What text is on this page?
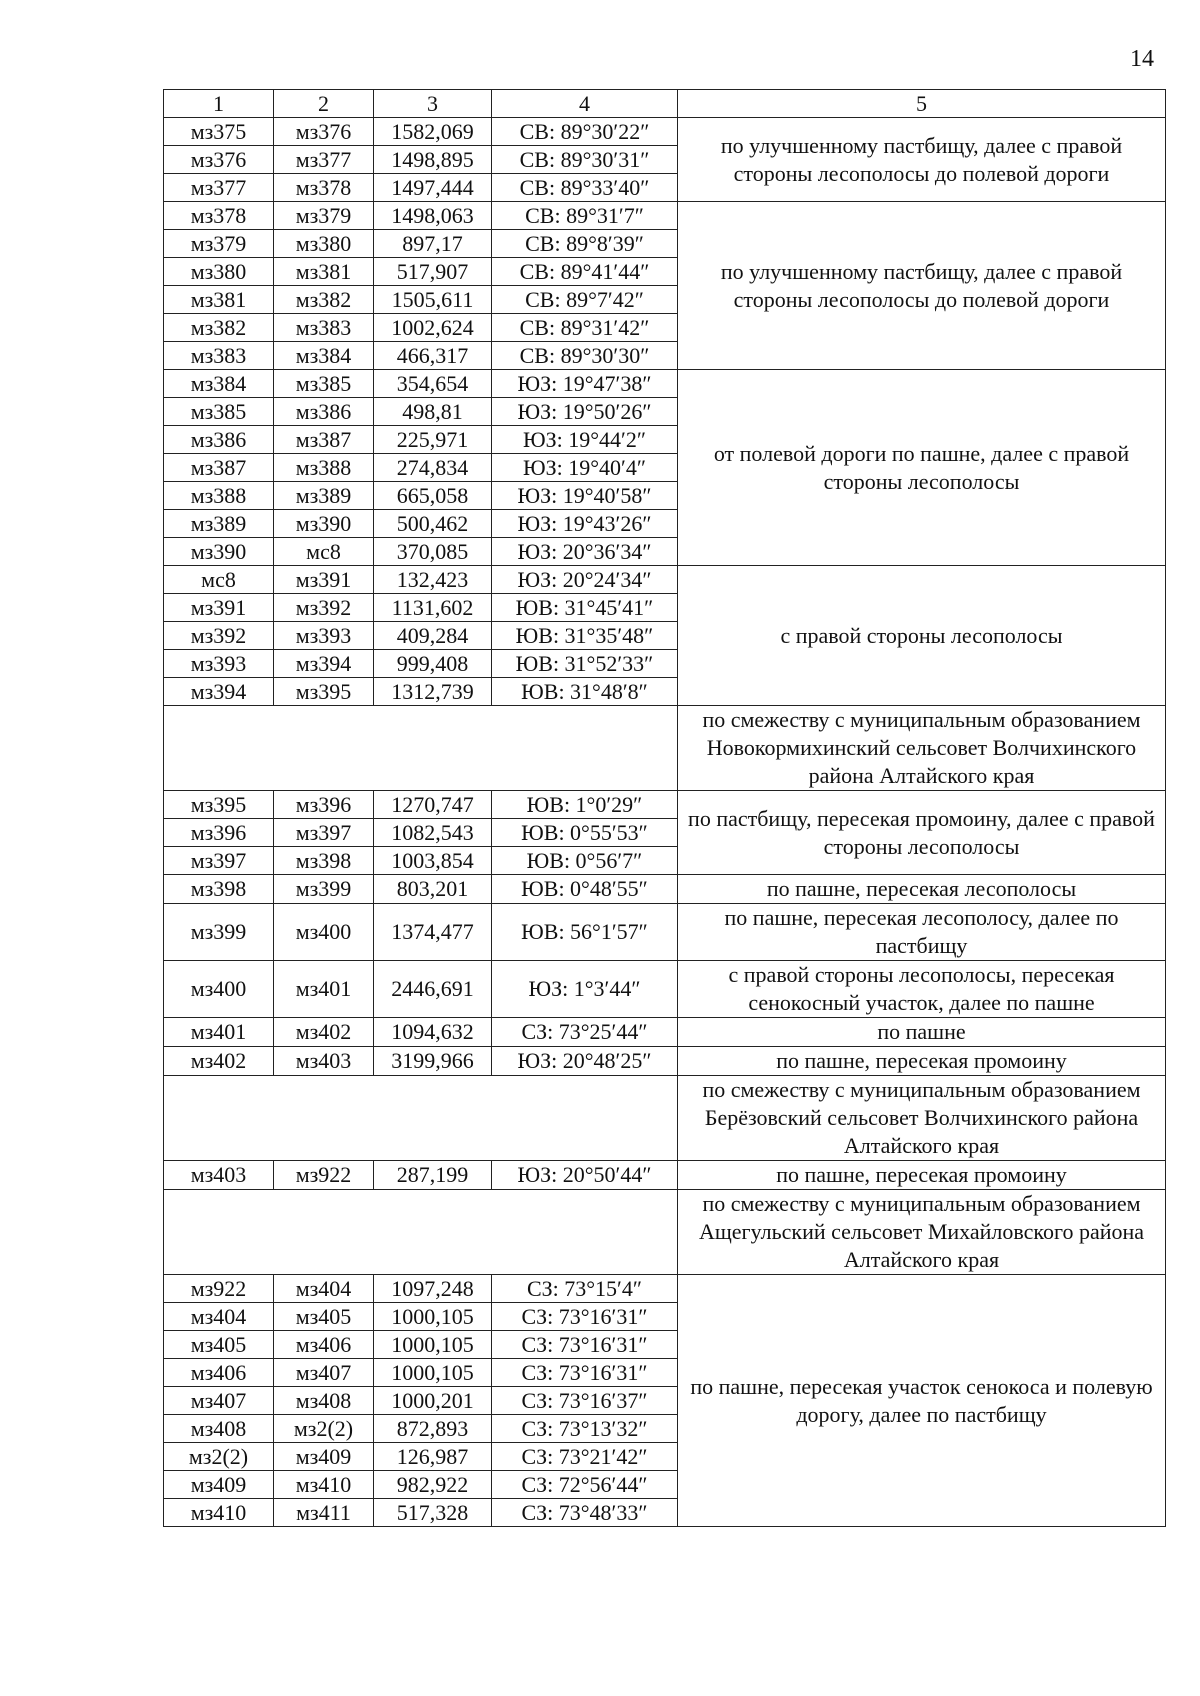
14
1	2	3	4	5
мз375	мз376	1582,069	СВ: 89°30′22″	по улучшенному пастбищу, далее с правой стороны лесополосы до полевой дороги
мз376	мз377	1498,895	СВ: 89°30′31″	
мз377	мз378	1497,444	СВ: 89°33′40″	
мз378	мз379	1498,063	СВ: 89°31′7″	по улучшенному пастбищу, далее с правой стороны лесополосы до полевой дороги
мз379	мз380	897,17	СВ: 89°8′39″	
мз380	мз381	517,907	СВ: 89°41′44″	
мз381	мз382	1505,611	СВ: 89°7′42″	
мз382	мз383	1002,624	СВ: 89°31′42″	
мз383	мз384	466,317	СВ: 89°30′30″	
мз384	мз385	354,654	ЮЗ: 19°47′38″	от полевой дороги по пашне, далее с правой стороны лесополосы
мз385	мз386	498,81	ЮЗ: 19°50′26″	
мз386	мз387	225,971	ЮЗ: 19°44′2″	
мз387	мз388	274,834	ЮЗ: 19°40′4″	
мз388	мз389	665,058	ЮЗ: 19°40′58″	
мз389	мз390	500,462	ЮЗ: 19°43′26″	
мз390	мс8	370,085	ЮЗ: 20°36′34″	
мс8	мз391	132,423	ЮЗ: 20°24′34″	с правой стороны лесополосы
мз391	мз392	1131,602	ЮВ: 31°45′41″	
мз392	мз393	409,284	ЮВ: 31°35′48″	
мз393	мз394	999,408	ЮВ: 31°52′33″	
мз394	мз395	1312,739	ЮВ: 31°48′8″	
				по смежеству с муниципальным образованием Новокормихинский сельсовет Волчихинского района Алтайского края
мз395	мз396	1270,747	ЮВ: 1°0′29″	по пастбищу, пересекая промоину, далее с правой стороны лесополосы
мз396	мз397	1082,543	ЮВ: 0°55′53″	
мз397	мз398	1003,854	ЮВ: 0°56′7″	
мз398	мз399	803,201	ЮВ: 0°48′55″	по пашне, пересекая лесополосы
мз399	мз400	1374,477	ЮВ: 56°1′57″	по пашне, пересекая лесополосу, далее по пастбищу
мз400	мз401	2446,691	ЮЗ: 1°3′44″	с правой стороны лесополосы, пересекая сенокосный участок, далее по пашне
мз401	мз402	1094,632	СЗ: 73°25′44″	по пашне
мз402	мз403	3199,966	ЮЗ: 20°48′25″	по пашне, пересекая промоину
				по смежеству с муниципальным образованием Берёзовский сельсовет Волчихинского района Алтайского края
мз403	мз922	287,199	ЮЗ: 20°50′44″	по пашне, пересекая промоину
				по смежеству с муниципальным образованием Ащегульский сельсовет Михайловского района Алтайского края
мз922	мз404	1097,248	СЗ: 73°15′4″	по пашне, пересекая участок сенокоса и полевую дорогу, далее по пастбищу
мз404	мз405	1000,105	СЗ: 73°16′31″	
мз405	мз406	1000,105	СЗ: 73°16′31″	
мз406	мз407	1000,105	СЗ: 73°16′31″	
мз407	мз408	1000,201	СЗ: 73°16′37″	
мз408	мз2(2)	872,893	СЗ: 73°13′32″	
мз2(2)	мз409	126,987	СЗ: 73°21′42″	
мз409	мз410	982,922	СЗ: 72°56′44″	
мз410	мз411	517,328	СЗ: 73°48′33″	
